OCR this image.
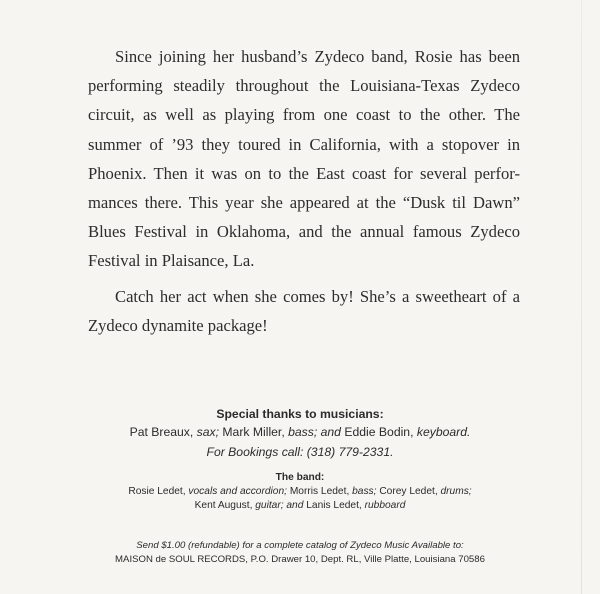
Since joining her husband’s Zydeco band, Rosie has been
performing steadily throughout the Louisiana-Texas Zydeco
circuit, as well as playing from one coast to the other. The
summer of ’93 they toured in California, with a stopover in
Phoenix. Then it was on to the East coast for several perfor-
mances there. This year she appeared at the “Dusk til Dawn”
Blues Festival in Oklahoma, and the annual famous Zydeco
Festival in Plaisance, La.

Catch her act when she comes by! She’s a sweetheart of a
Zydeco dynamite package!

Special thanks to musicians:
Pat Breaux, sax; Mark Miller, bass; and Eddie Bodin, keyboard.
For Bookings call: (318) 779-2331.
The band:
Rosie Ledet, vocals and accordion; Morris Ledet, bass; Corey Ledet, drums;
Kent August, guitar; and Lanis Ledet, rubboard
Send $1.00 (refundable) for a complete catalog of Zydeco Music Available to:
MAISON de SOUL RECORDS, P.O. Drawer 10, Dept. RL, Ville Platte, Louisiana 70586
